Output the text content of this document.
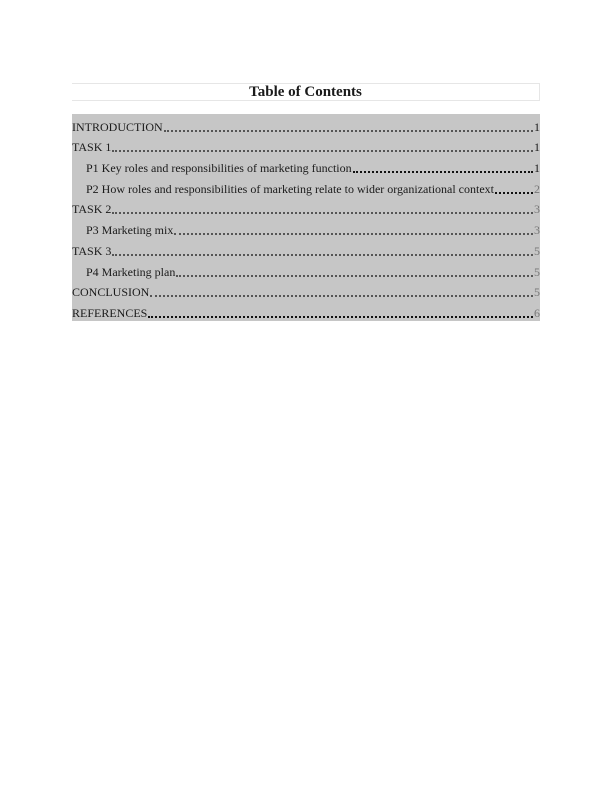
Table of Contents
INTRODUCTION	1
TASK 1	1
P1 Key roles and responsibilities of marketing function	1
P2 How roles and responsibilities of marketing relate to wider organizational context	2
TASK 2	3
P3 Marketing mix	3
TASK 3	5
P4 Marketing plan	5
CONCLUSION	5
REFERENCES	6
